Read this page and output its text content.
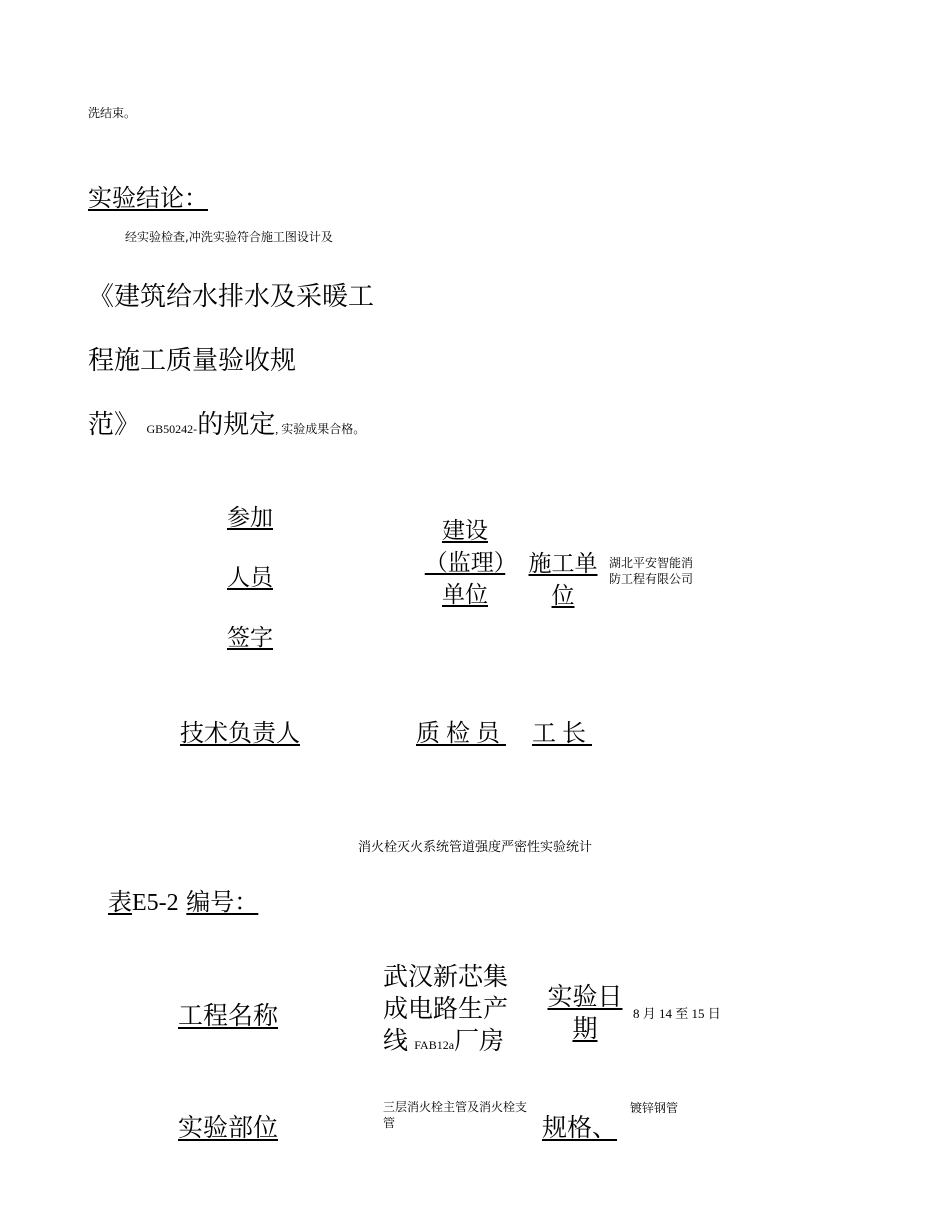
洗结束。
实验结论：
经实验检查,冲洗实验符合施工图设计及
《建筑给水排水及采暖工
程施工质量验收规
范》 GB50242-的规定, 实验成果合格。
参加
人员
签字
建设（监理）单位
施工单位
湖北平安智能消防工程有限公司
技术负责人	质检员 工长
消火栓灭火系统管道强度严密性实验统计
表E5-2 编号：
工程名称
武汉新芯集成电路生产线 FAB12a厂房
实验日期
8 月 14 至 15 日
实验部位
三层消火栓主管及消火栓支管	规格、
镀锌钢管
